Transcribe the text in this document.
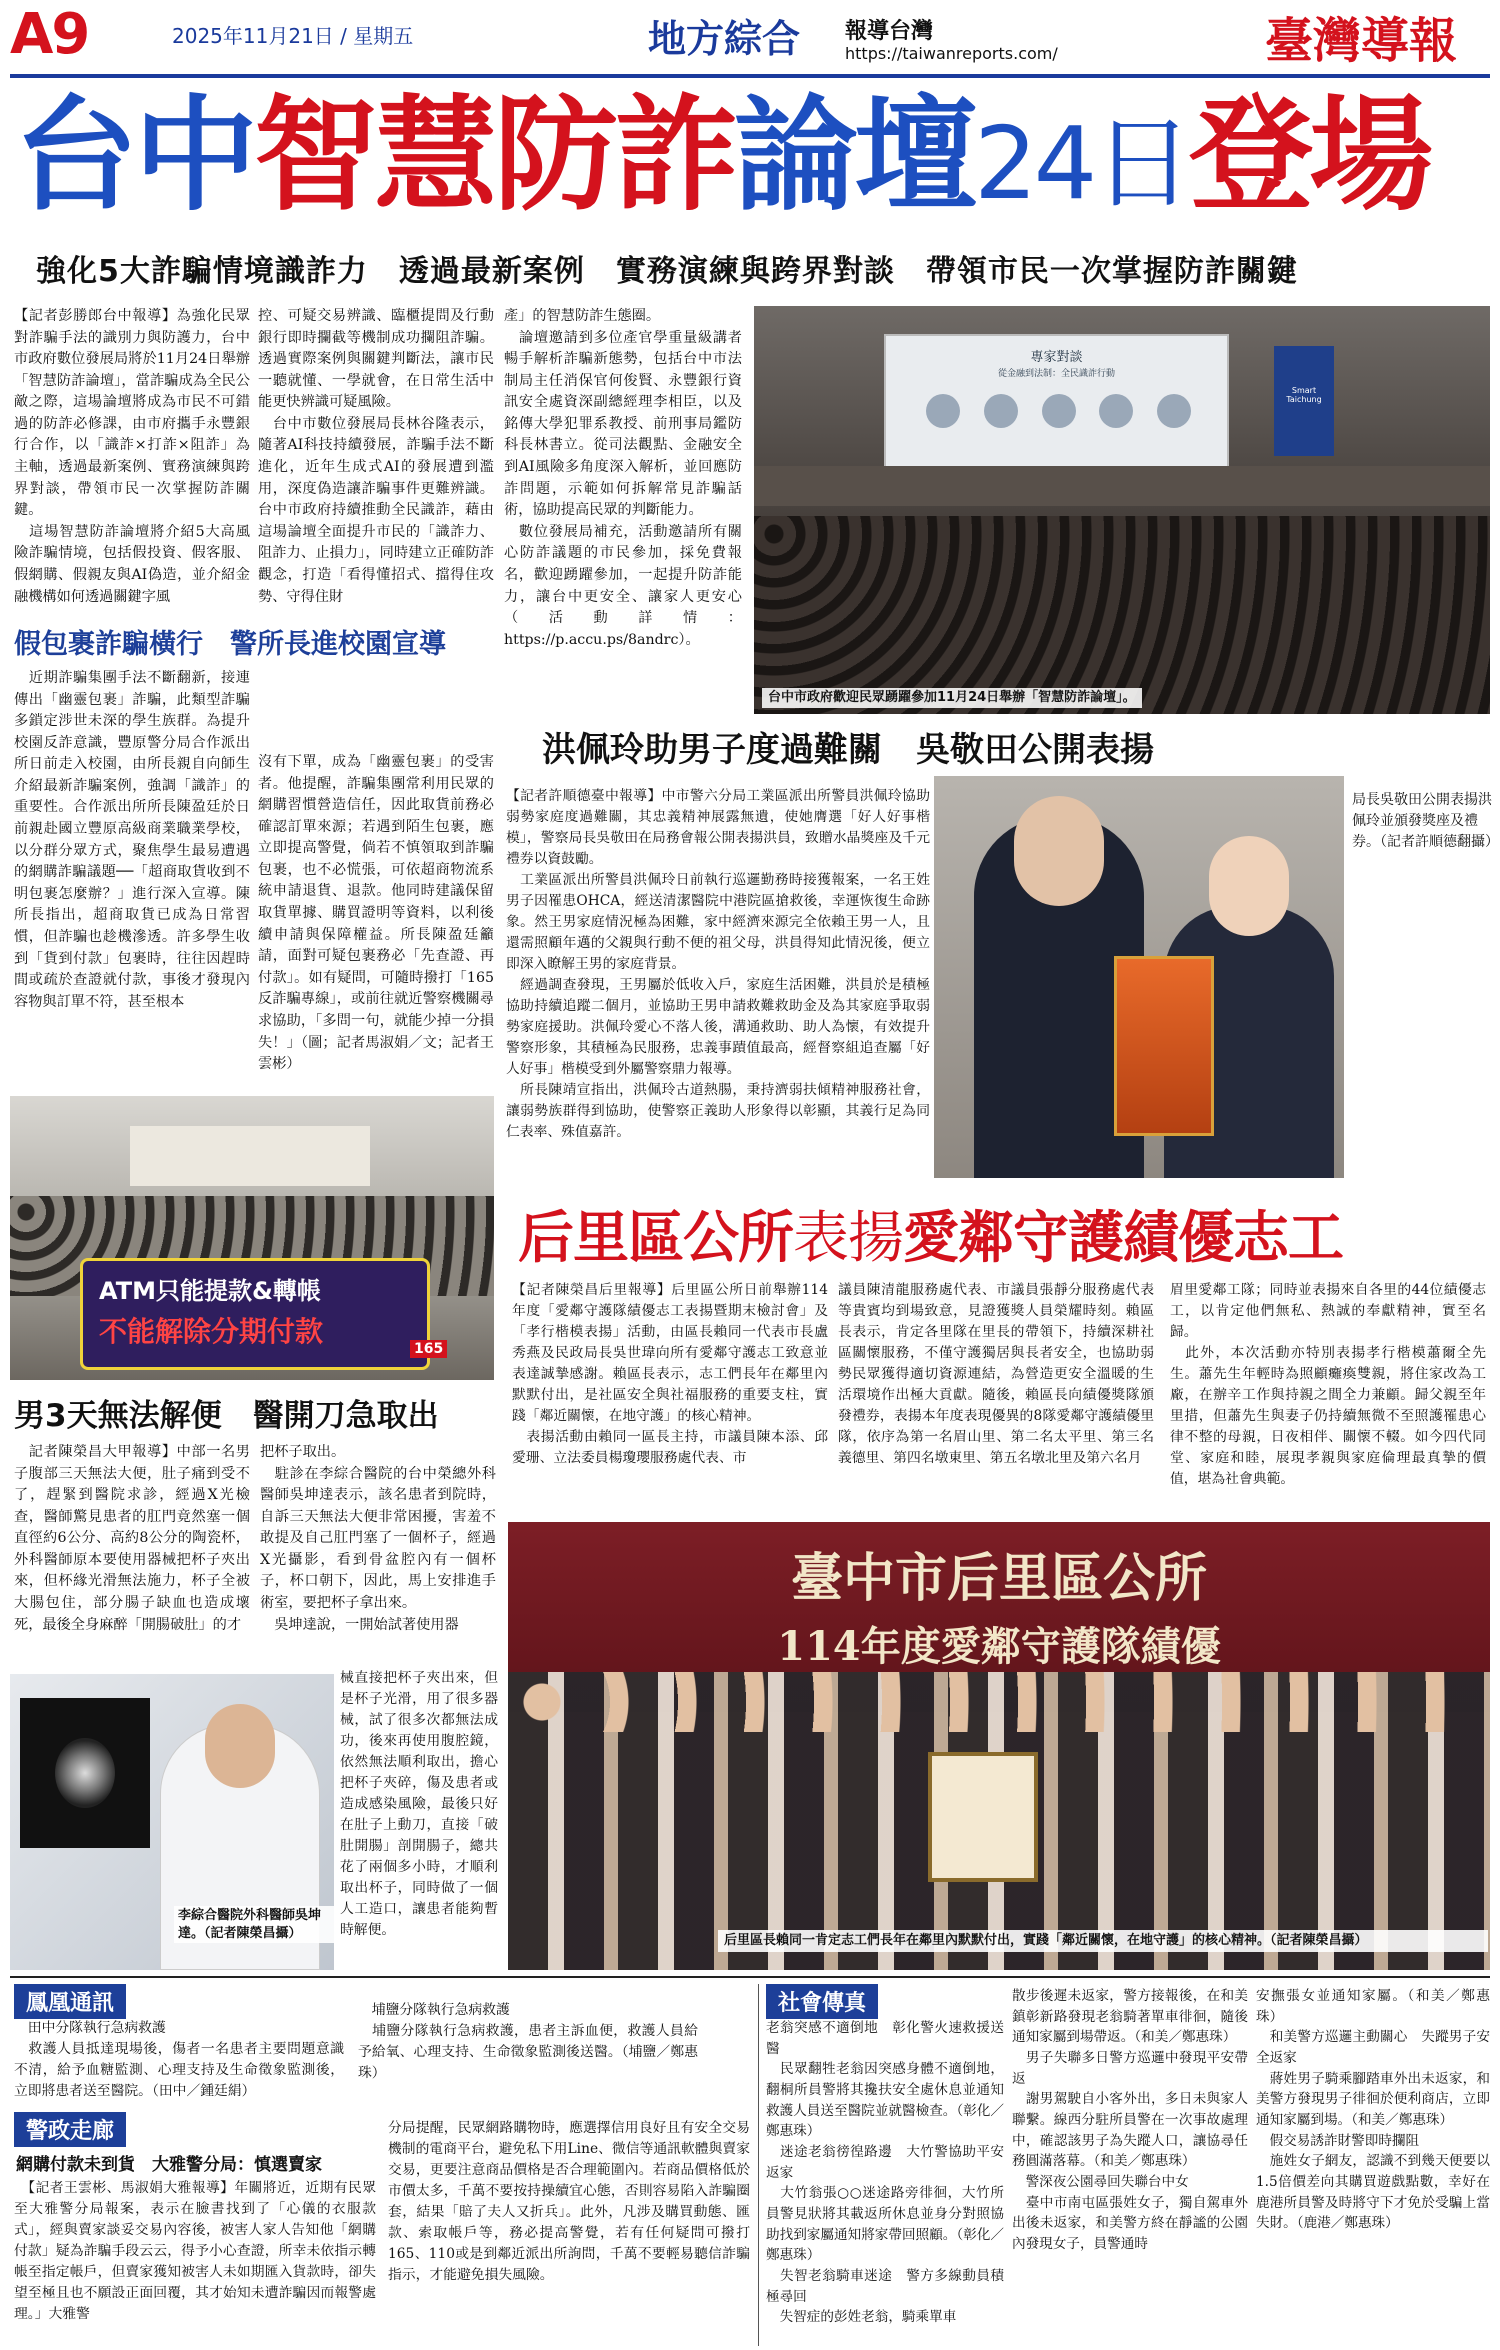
A9	2025年11月21日 / 星期五	地方綜合 報導台灣
https://taiwanreports.com/	臺灣導報
台中智慧防詐論壇24日登場
強化5大詐騙情境識詐力　透過最新案例　實務演練與跨界對談　帶領市民一次掌握防詐關鍵
【記者彭勝郎台中報導】為強化民眾對詐騙手法的識別力與防護力，台中市政府數位發展局將於11月24日舉辦「智慧防詐論壇」，當詐騙成為全民公敵之際，這場論壇將成為市民不可錯過的防詐必修課，由市府攜手永豐銀行合作，以「識詐×打詐×阻詐」為主軸，透過最新案例、實務演練與跨界對談，帶領市民一次掌握防詐關鍵。
　這場智慧防詐論壇將介紹5大高風險詐騙情境，包括假投資、假客服、假網購、假親友與AI偽造，並介紹金融機構如何透過關鍵字風
控、可疑交易辨識、臨櫃提問及行動銀行即時攔截等機制成功攔阻詐騙。透過實際案例與關鍵判斷法，讓市民一聽就懂、一學就會，在日常生活中能更快辨識可疑風險。
　台中市數位發展局長林谷隆表示，隨著AI科技持續發展，詐騙手法不斷進化，近年生成式AI的發展遭到濫用，深度偽造讓詐騙事件更難辨識。台中市政府持續推動全民識詐，藉由這場論壇全面提升市民的「識詐力、阻詐力、止損力」，同時建立正確防詐觀念，打造「看得懂招式、擋得住攻勢、守得住財
產」的智慧防詐生態圈。
　論壇邀請到多位產官學重量級講者暢手解析詐騙新態勢，包括台中市法制局主任消保官何俊賢、永豐銀行資訊安全處資深副總經理李相臣，以及銘傳大學犯罪系教授、前刑事局鑑防科長林書立。從司法觀點、金融安全到AI風險多角度深入解析，並回應防詐問題，示範如何拆解常見詐騙話術，協助提高民眾的判斷能力。
　數位發展局補充，活動邀請所有關心防詐議題的市民參加，採免費報名，歡迎踴躍參加，一起提升防詐能力，讓台中更安全、讓家人更安心（活動詳情：https://p.accu.ps/8andrc）。
專家對談
從金融到法制：全民識詐行動
Smart Taichung
台中市政府歡迎民眾踴躍參加11月24日舉辦「智慧防詐論壇」。
假包裹詐騙橫行　警所長進校園宣導
　近期詐騙集團手法不斷翻新，接連傳出「幽靈包裹」詐騙，此類型詐騙多鎖定涉世未深的學生族群。為提升校園反詐意識，豐原警分局合作派出所日前走入校園，由所長親自向師生介紹最新詐騙案例，強調「識詐」的重要性。合作派出所所長陳盈廷於日前親赴國立豐原高級商業職業學校，以分群分眾方式，聚焦學生最易遭遇的網購詐騙議題──「超商取貨收到不明包裹怎麼辦？」進行深入宣導。陳所長指出，超商取貨已成為日常習慣，但詐騙也趁機滲透。許多學生收到「貨到付款」包裹時，往往因趕時間或疏於查證就付款，事後才發現內容物與訂單不符，甚至根本
沒有下單，成為「幽靈包裹」的受害者。他提醒，詐騙集團常利用民眾的網購習慣營造信任，因此取貨前務必確認訂單來源；若遇到陌生包裹，應立即提高警覺，倘若不慎領取到詐騙包裹，也不必慌張，可依超商物流系統申請退貨、退款。他同時建議保留取貨單據、購買證明等資料，以利後續申請與保障權益。所長陳盈廷籲請，面對可疑包裹務必「先查證、再付款」。如有疑問，可隨時撥打「165 反詐騙專線」，或前往就近警察機關尋求協助，「多問一句，就能少掉一分損失！」（圖；記者馬淑娟／文；記者王雲彬）
洪佩玲助男子度過難關　吳敬田公開表揚
【記者許順德臺中報導】中市警六分局工業區派出所警員洪佩玲協助弱勢家庭度過難關，其忠義精神展露無遺，使她膺選「好人好事楷模」，警察局長吳敬田在局務會報公開表揚洪員，致贈水晶獎座及千元禮券以資鼓勵。
　工業區派出所警員洪佩玲日前執行巡邏勤務時接獲報案，一名王姓男子因罹患OHCA，經送清潔醫院中港院區搶救後，幸運恢復生命跡象。然王男家庭情況極為困難，家中經濟來源完全依賴王男一人，且還需照顧年邁的父親與行動不便的祖父母，洪員得知此情況後，便立即深入瞭解王男的家庭背景。
　經過調查發現，王男屬於低收入戶，家庭生活困難，洪員於是積極協助持續追蹤二個月，並協助王男申請救難救助金及為其家庭爭取弱勢家庭援助。洪佩玲愛心不落人後，溝通救助、助人為懷，有效提升警察形象，其積極為民服務，忠義事蹟值最高，經督察組追查屬「好人好事」楷模受到外屬警察鼎力報導。
　所長陳靖宣指出，洪佩玲古道熱腸，秉持濟弱扶傾精神服務社會，讓弱勢族群得到協助，使警察正義助人形象得以彰顯，其義行足為同仁表率、殊值嘉許。
局長吳敬田公開表揚洪佩玲並頒發獎座及禮券。（記者許順德翻攝）
ATM只能提款&轉帳
不能解除分期付款
165
后里區公所表揚愛鄰守護績優志工
【記者陳榮昌后里報導】后里區公所日前舉辦114年度「愛鄰守護隊績優志工表揚暨期末檢討會」及「孝行楷模表揚」活動，由區長賴同一代表市長盧秀燕及民政局長吳世瑋向所有愛鄰守護志工致意並表達誠摯感謝。賴區長表示，志工們長年在鄰里內默默付出，是社區安全與社福服務的重要支柱，實踐「鄰近關懷，在地守護」的核心精神。
　表揚活動由賴同一區長主持，市議員陳本添、邱愛珊、立法委員楊瓊瓔服務處代表、市
議員陳清龍服務處代表、市議員張靜分服務處代表等貴賓均到場致意，見證獲獎人員榮耀時刻。賴區長表示，肯定各里隊在里長的帶領下，持續深耕社區關懷服務，不僅守護獨居與長者安全，也協助弱勢民眾獲得適切資源連結，為營造更安全溫暖的生活環境作出極大貢獻。隨後，賴區長向績優獎隊頒發禮券，表揚本年度表現優異的8隊愛鄰守護績優里隊，依序為第一名眉山里、第二名太平里、第三名義德里、第四名墩東里、第五名墩北里及第六名月
眉里愛鄰工隊；同時並表揚來自各里的44位績優志工，以肯定他們無私、熱誠的奉獻精神，實至名歸。
　此外，本次活動亦特別表揚孝行楷模蕭爾全先生。蕭先生年輕時為照顧癱瘓雙親，將住家改為工廠，在辦辛工作與持親之間全力兼顧。歸父親至年里措，但蕭先生與妻子仍持續無微不至照護罹患心律不整的母親，日夜相伴、關懷不輟。如今四代同堂、家庭和睦，展現孝親與家庭倫理最真摯的價值，堪為社會典範。
臺中市后里區公所
114年度愛鄰守護隊績優
后里區長賴同一肯定志工們長年在鄰里內默默付出，實踐「鄰近關懷，在地守護」的核心精神。（記者陳榮昌攝）
男3天無法解便　醫開刀急取出
　記者陳榮昌大甲報導】中部一名男子腹部三天無法大便，肚子痛到受不了，趕緊到醫院求診，經過X光檢查，醫師驚見患者的肛門竟然塞一個直徑約6公分、高約8公分的陶瓷杯，外科醫師原本要使用器械把杯子夾出來，但杯緣光滑無法施力，杯子全被大腸包住，部分腸子缺血也造成壞死，最後全身麻醉「開腸破肚」的才
把杯子取出。
　駐診在李綜合醫院的台中榮總外科醫師吳坤達表示，該名患者到院時，自訴三天無法大便非常困擾，害羞不敢提及自己肛門塞了一個杯子，經過X光攝影，看到骨盆腔內有一個杯子，杯口朝下，因此，馬上安排進手術室，要把杯子拿出來。
　吳坤達說，一開始試著使用器
械直接把杯子夾出來，但是杯子光滑，用了很多器械，試了很多次都無法成功，後來再使用腹腔鏡，依然無法順利取出，擔心把杯子夾碎，傷及患者或造成感染風險，最後只好在肚子上動刀，直接「破肚開腸」剖開腸子，總共花了兩個多小時，才順利取出杯子，同時做了一個人工造口，讓患者能夠暫時解便。
李綜合醫院外科醫師吳坤達。（記者陳榮昌攝）
鳳凰通訊
　田中分隊執行急病救護
　救護人員抵達現場後，傷者一名患者主要問題意識不清，給予血糖監測、心理支持及生命徵象監測後，立即將患者送至醫院。（田中／鍾廷絹）
　埔鹽分隊執行急病救護
　埔鹽分隊執行急病救護，患者主訴血便，救護人員給予給氧、心理支持、生命徵象監測後送醫。（埔鹽／鄭惠珠）
警政走廊
網購付款未到貨　大雅警分局：慎選賣家
　【記者王雲彬、馬淑娟大雅報導】年關將近，近期有民眾至大雅警分局報案，表示在臉書找到了「心儀的衣服款式」，經與賣家談妥交易內容後，被害人家人告知他「網購付款」疑為詐騙手段云云，得予小心查證，所幸未依指示轉帳至指定帳戶，但賣家獲知被害人未如期匯入貨款時，卻失望至極且也不願設正面回覆，其才始知未遭詐騙因而報警處理。」大雅警
分局提醒，民眾網路購物時，應選擇信用良好且有安全交易機制的電商平台，避免私下用Line、微信等通訊軟體與賣家交易，更要注意商品價格是否合理範圍內。若商品價格低於市價太多，千萬不要按持操續宜心態，否則容易陷入詐騙圈套，結果「賠了夫人又折兵」。此外，凡涉及購買動態、匯款、索取帳戶等，務必提高警覺，若有任何疑問可撥打165、110或是到鄰近派出所詢問，千萬不要輕易聽信詐騙指示，才能避免損失風險。
社會傳真
老翁突感不適倒地　彰化警火速救援送醫
　民眾翻牲老翁因突感身體不適倒地，翻桐所員警將其攙扶安全處休息並通知救護人員送至醫院並就醫檢查。（彰化／鄭惠珠）
　迷途老翁徬徨路邊　大竹警協助平安返家
　大竹翁張○○迷途路旁徘徊，大竹所員警見狀將其載返所休息並身分對照協助找到家屬通知將家帶回照顧。（彰化／鄭惠珠）
　失智老翁騎車迷途　警方多線動員積極尋回
　失智症的彭姓老翁，騎乘單車
散步後遲未返家，警方接報後，在和美鎮彰新路發現老翁騎著單車徘徊，隨後通知家屬到場帶返。（和美／鄭惠珠）
　男子失聯多日警方巡邏中發現平安帶返
　謝男駕駛自小客外出，多日未與家人聯繫。線西分駐所員警在一次事故處理中，確認該男子為失蹤人口，讓協尋任務圓滿落幕。（和美／鄭惠珠）
　警深夜公園尋回失聯台中女
　臺中市南屯區張姓女子，獨自駕車外出後未返家，和美警方終在靜謐的公園內發現女子，員警通時
安撫張女並通知家屬。（和美／鄭惠珠）
　和美警方巡邏主動關心　失蹤男子安全返家
　蔣姓男子騎乘腳踏車外出未返家，和美警方發現男子徘徊於便利商店，立即通知家屬到場。（和美／鄭惠珠）
　假交易誘詐財警即時攔阻
　施姓女子網友，認識不到幾天便要以1.5倍價差向其購買遊戲點數，幸好在鹿港所員警及時將守下才免於受騙上當失財。（鹿港／鄭惠珠）
